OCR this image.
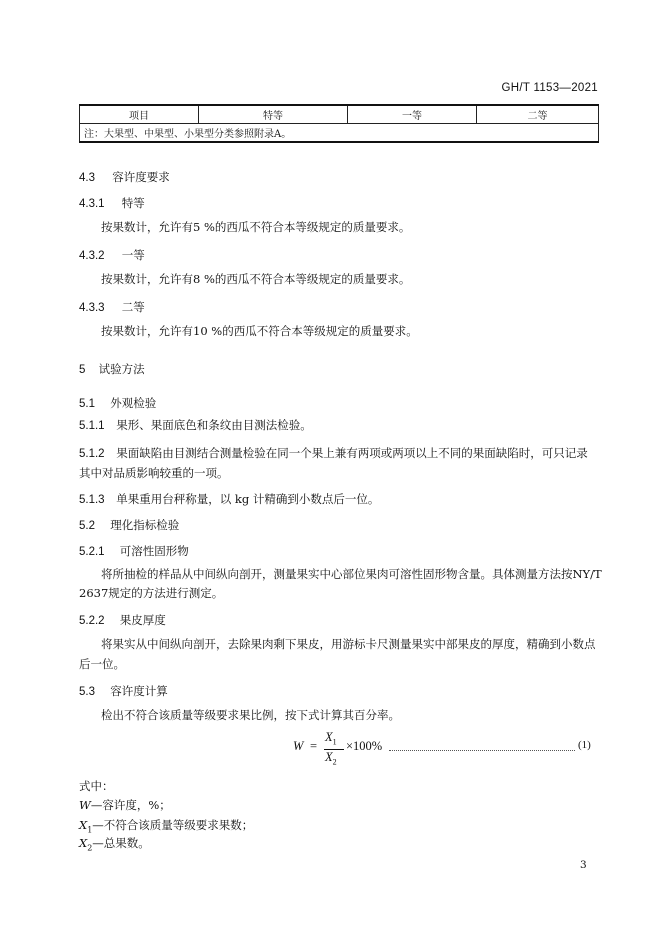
GH/T 1153—2021
项目	特等	一等	二等
注：大果型、中果型、小果型分类参照附录A。
4.3 容许度要求
4.3.1 特等
按果数计，允许有5 %的西瓜不符合本等级规定的质量要求。
4.3.2 一等
按果数计，允许有8 %的西瓜不符合本等级规定的质量要求。
4.3.3 二等
按果数计，允许有10 %的西瓜不符合本等级规定的质量要求。
5 试验方法
5.1 外观检验
5.1.1 果形、果面底色和条纹由目测法检验。
5.1.2 果面缺陷由目测结合测量检验在同一个果上兼有两项或两项以上不同的果面缺陷时，可只记录
其中对品质影响较重的一项。
5.1.3 单果重用台秤称量，以 kg 计精确到小数点后一位。
5.2 理化指标检验
5.2.1 可溶性固形物
将所抽检的样品从中间纵向剖开，测量果实中心部位果肉可溶性固形物含量。具体测量方法按NY/T
2637规定的方法进行测定。
5.2.2 果皮厚度
将果实从中间纵向剖开，去除果肉剩下果皮，用游标卡尺测量果实中部果皮的厚度，精确到小数点
后一位。
5.3 容许度计算
检出不符合该质量等级要求果比例，按下式计算其百分率。
W =
$X_1$
$X_2$
×100%	(1)
式中：
W—容许度，%；
$X_1—$不符合该质量等级要求果数；
$X_2—$总果数。
3
